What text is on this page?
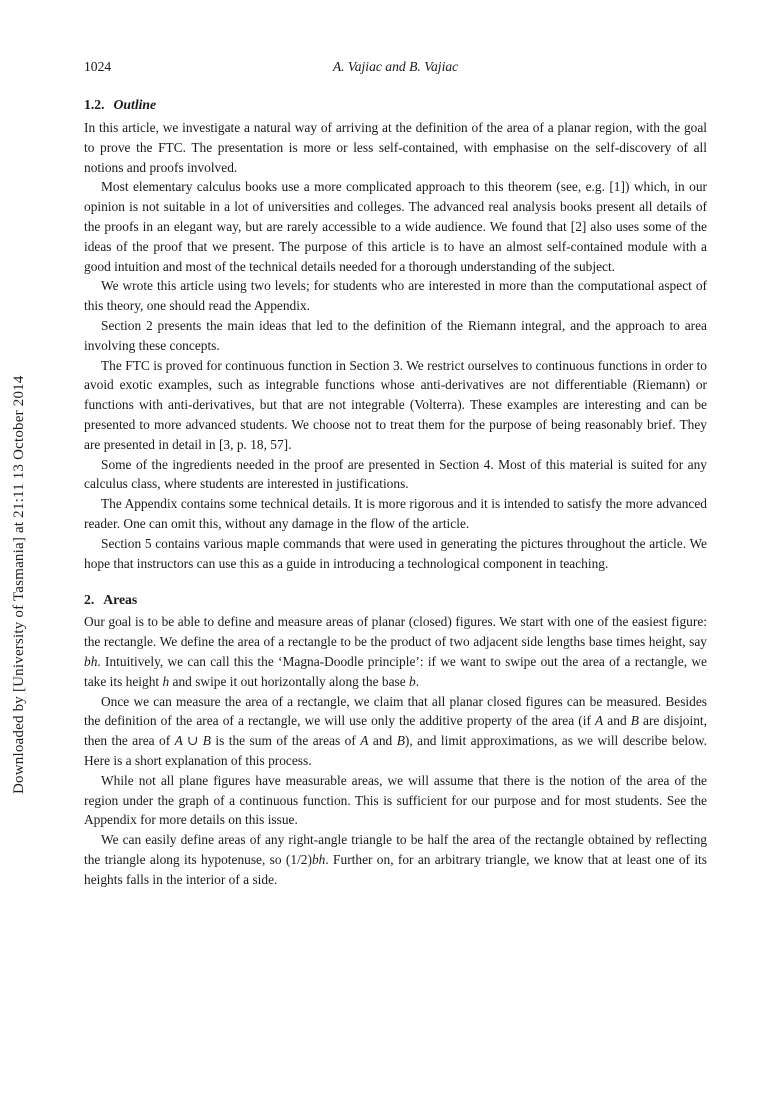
Downloaded by [University of Tasmania] at 21:11 13 October 2014
1024	A. Vajiac and B. Vajiac
1.2. Outline

In this article, we investigate a natural way of arriving at the definition of the area of a planar region, with the goal to prove the FTC. The presentation is more or less self-contained, with emphasise on the self-discovery of all notions and proofs involved.

Most elementary calculus books use a more complicated approach to this theorem (see, e.g. [1]) which, in our opinion is not suitable in a lot of universities and colleges. The advanced real analysis books present all details of the proofs in an elegant way, but are rarely accessible to a wide audience. We found that [2] also uses some of the ideas of the proof that we present. The purpose of this article is to have an almost self-contained module with a good intuition and most of the technical details needed for a thorough understanding of the subject.

We wrote this article using two levels; for students who are interested in more than the computational aspect of this theory, one should read the Appendix.

Section 2 presents the main ideas that led to the definition of the Riemann integral, and the approach to area involving these concepts.

The FTC is proved for continuous function in Section 3. We restrict ourselves to continuous functions in order to avoid exotic examples, such as integrable functions whose anti-derivatives are not differentiable (Riemann) or functions with anti-derivatives, but that are not integrable (Volterra). These examples are interesting and can be presented to more advanced students. We choose not to treat them for the purpose of being reasonably brief. They are presented in detail in [3, p. 18, 57].

Some of the ingredients needed in the proof are presented in Section 4. Most of this material is suited for any calculus class, where students are interested in justifications.

The Appendix contains some technical details. It is more rigorous and it is intended to satisfy the more advanced reader. One can omit this, without any damage in the flow of the article.

Section 5 contains various maple commands that were used in generating the pictures throughout the article. We hope that instructors can use this as a guide in introducing a technological component in teaching.

2. Areas

Our goal is to be able to define and measure areas of planar (closed) figures. We start with one of the easiest figure: the rectangle. We define the area of a rectangle to be the product of two adjacent side lengths base times height, say bh. Intuitively, we can call this the ‘Magna-Doodle principle’: if we want to swipe out the area of a rectangle, we take its height h and swipe it out horizontally along the base b.

Once we can measure the area of a rectangle, we claim that all planar closed figures can be measured. Besides the definition of the area of a rectangle, we will use only the additive property of the area (if A and B are disjoint, then the area of A ∪ B is the sum of the areas of A and B), and limit approximations, as we will describe below. Here is a short explanation of this process.

While not all plane figures have measurable areas, we will assume that there is the notion of the area of the region under the graph of a continuous function. This is sufficient for our purpose and for most students. See the Appendix for more details on this issue.

We can easily define areas of any right-angle triangle to be half the area of the rectangle obtained by reflecting the triangle along its hypotenuse, so (1/2)bh. Further on, for an arbitrary triangle, we know that at least one of its heights falls in the interior of a side.
